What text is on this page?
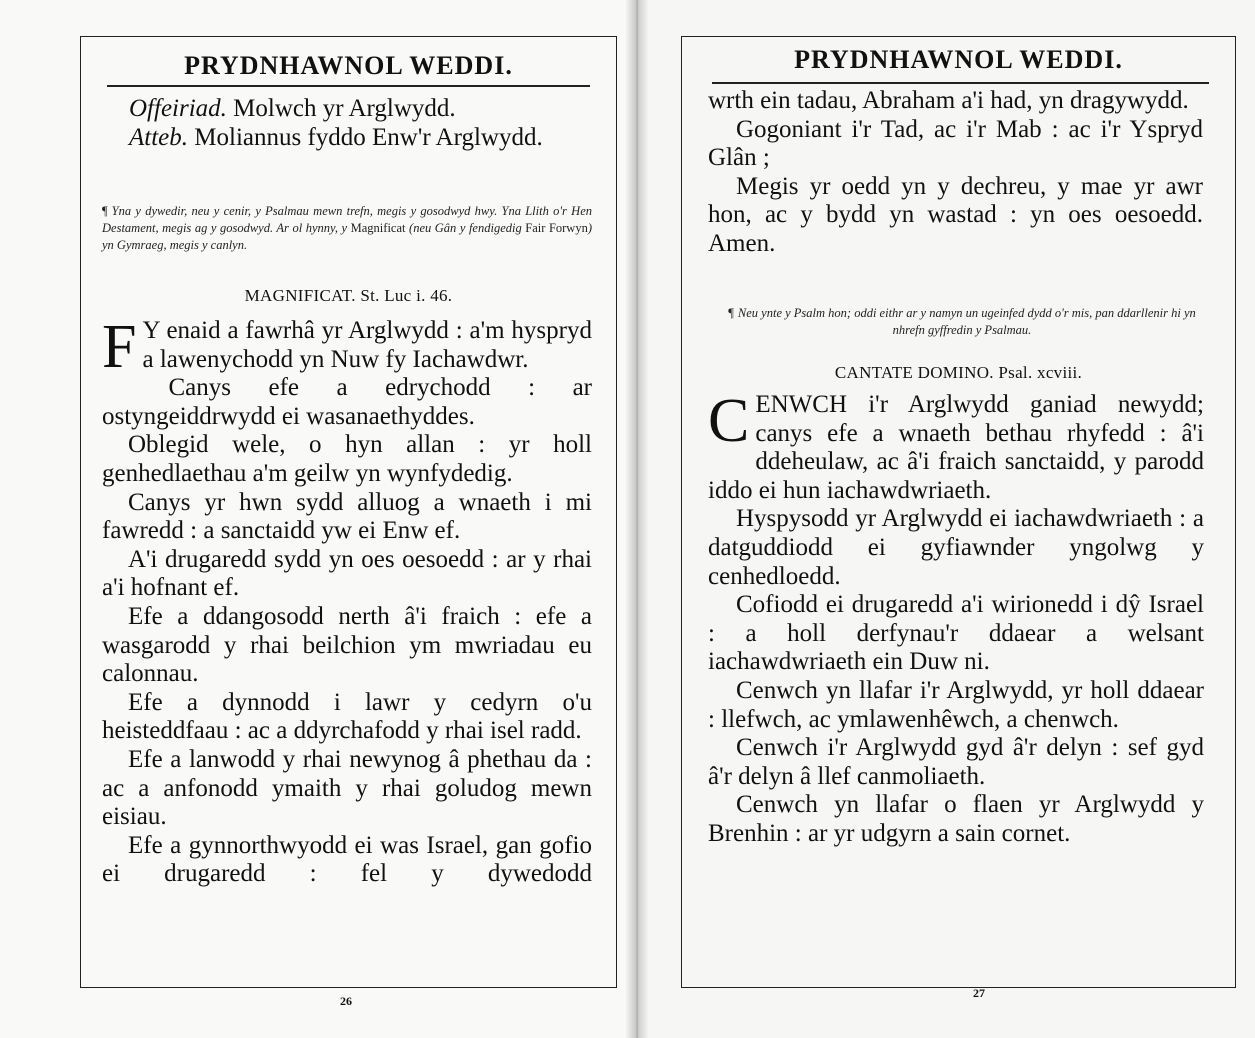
PRYDNHAWNOL WEDDI.
Offeiriad. Molwch yr Arglwydd.
Atteb. Moliannus fyddo Enw'r Arglwydd.
¶ Yna y dywedir, neu y cenir, y Psalmau mewn trefn, megis y gosodwyd hwy. Yna Llith o'r Hen Destament, megis ag y gosodwyd. Ar ol hynny, y Magnificat (neu Gân y fendigedig Fair Forwyn) yn Gymraeg, megis y canlyn.
MAGNIFICAT. St. Luc i. 46.
F Y enaid a fawrhâ yr Arglwydd : a'm hyspryd a lawenychodd yn Nuw fy Iachawdwr.
Canys efe a edrychodd : ar ostyngeiddrwydd ei wasanaethyddes.
Oblegid wele, o hyn allan : yr holl genhedlaethau a'm geilw yn wynfydedig.
Canys yr hwn sydd alluog a wnaeth i mi fawredd : a sanctaidd yw ei Enw ef.
A'i drugaredd sydd yn oes oesoedd : ar y rhai a'i hofnant ef.
Efe a ddangosodd nerth â'i fraich : efe a wasgarodd y rhai beilchion ym mwriadau eu calonnau.
Efe a dynnodd i lawr y cedyrn o'u heisteddfaau : ac a ddyrchafodd y rhai isel radd.
Efe a lanwodd y rhai newynog â phethau da : ac a anfonodd ymaith y rhai goludog mewn eisiau.
Efe a gynnorthwyodd ei was Israel, gan gofio ei drugaredd : fel y dywedodd
26
PRYDNHAWNOL WEDDI.
wrth ein tadau, Abraham a'i had, yn dragywydd.
Gogoniant i'r Tad, ac i'r Mab : ac i'r Yspryd Glân ;
Megis yr oedd yn y dechreu, y mae yr awr hon, ac y bydd yn wastad : yn oes oesoedd. Amen.
¶ Neu ynte y Psalm hon; oddi eithr ar y namyn un ugeinfed dydd o'r mis, pan ddarllenir hi yn nhrefn gyffredin y Psalmau.
CANTATE DOMINO. Psal. xcviii.
CENWCH i'r Arglwydd ganiad newydd; canys efe a wnaeth bethau rhyfedd : â'i ddeheulaw, ac â'i fraich sanctaidd, y parodd iddo ei hun iachawdwriaeth.
Hyspysodd yr Arglwydd ei iachawdwriaeth : a datguddiodd ei gyfiawnder yngolwg y cenhedloedd.
Cofiodd ei drugaredd a'i wirionedd i dŷ Israel : a holl derfynau'r ddaear a welsant iachawdwriaeth ein Duw ni.
Cenwch yn llafar i'r Arglwydd, yr holl ddaear : llefwch, ac ymlawenhêwch, a chenwch.
Cenwch i'r Arglwydd gyd â'r delyn : sef gyd â'r delyn â llef canmoliaeth.
Cenwch yn llafar o flaen yr Arglwydd y Brenhin : ar yr udgyrn a sain cornet.
27
